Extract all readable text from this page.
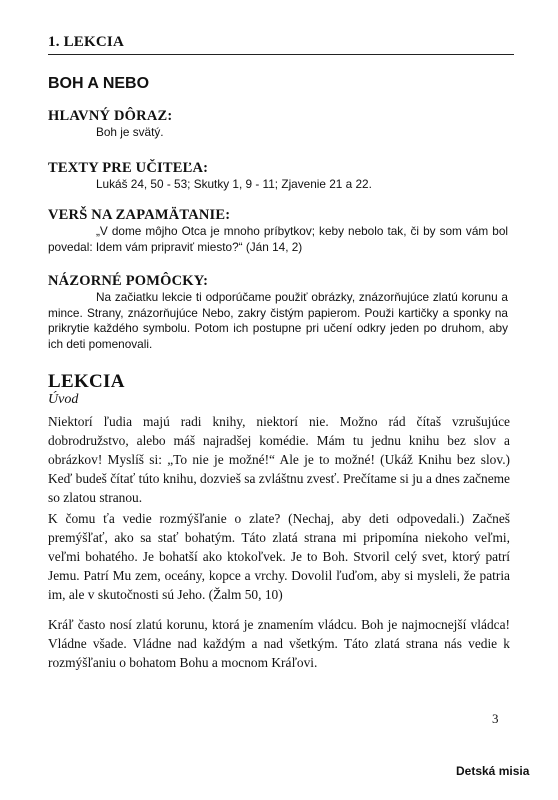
1. LEKCIA
BOH A NEBO
HLAVNÝ DÔRAZ:
Boh je svätý.
TEXTY PRE UČITEĽA:
Lukáš 24, 50 - 53; Skutky 1, 9 - 11; Zjavenie 21 a 22.
VERŠ NA ZAPAMÄTANIE:
„V dome môjho Otca je mnoho príbytkov; keby nebolo tak, či by som vám bol povedal: Idem vám pripraviť miesto?“ (Ján 14, 2)
NÁZORNÉ POMÔCKY:
Na začiatku lekcie ti odporúčame použiť obrázky, znázorňujúce zlatú korunu a mince. Strany, znázorňujúce Nebo, zakry čistým papierom. Použi kartičky a sponky na prikrytie každého symbolu. Potom ich postupne pri učení odkry jeden po druhom, aby ich deti pomenovali.
LEKCIA
Úvod

Niektorí ľudia majú radi knihy, niektorí nie. Možno rád čítaš vzrušujúce dobrodružstvo, alebo máš najradšej komédie. Mám tu jednu knihu bez slov a obrázkov! Myslíš si: „To nie je možné!“ Ale je to možné! (Ukáž Knihu bez slov.) Keď budeš čítať túto knihu, dozvieš sa zvláštnu zvesť. Prečítame si ju a dnes začneme so zlatou stranou.

K čomu ťa vedie rozmýšľanie o zlate? (Nechaj, aby deti odpovedali.) Začneš premýšľať, ako sa stať bohatým. Táto zlatá strana mi pripomína niekoho veľmi, veľmi bohatého. Je bohatší ako ktokoľvek. Je to Boh. Stvoril celý svet, ktorý patrí Jemu. Patrí Mu zem, oceány, kopce a vrchy. Dovolil ľuďom, aby si mysleli, že patria im, ale v skutočnosti sú Jeho. (Žalm 50, 10)

Kráľ často nosí zlatú korunu, ktorá je znamením vládcu. Boh je najmocnejší vládca! Vládne všade. Vládne nad každým a nad všetkým. Táto zlatá strana nás vedie k rozmýšľaniu o bohatom Bohu a mocnom Kráľovi.

3
Detská misia
